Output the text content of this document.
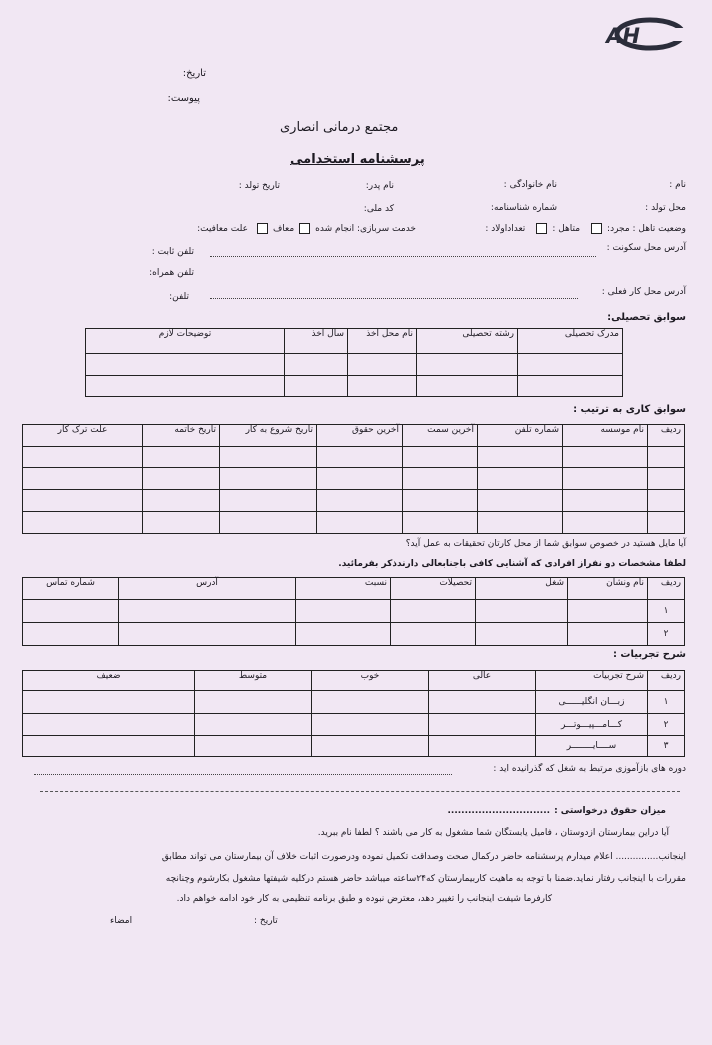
AH
تاریخ:
پیوست:
مجتمع درمانی انصاری
پرسشنامه استخدامی
نام :
نام خانوادگی :
نام پدر:
تاریخ تولد :
محل تولد :
شماره شناسنامه:
کد ملی:
وضعیت تاهل : مجرد:
متاهل :
تعداداولاد :
خدمت سربازی: انجام شده
معاف
علت معافیت:
آدرس محل سکونت :
تلفن ثابت :
تلفن همراه:
آدرس محل کار فعلی :
تلفن:
سوابق تحصیلی:
مدرک تحصیلی	رشته تحصیلی	نام محل اخذ	سال اخذ	توضیحات لازم

سوابق کاری به ترتیب :
ردیف	نام موسسه	شماره تلفن	آخرین سمت	آخرین حقوق	تاریخ شروع به کار	تاریخ خاتمه	علت ترک کار

آیا مایل هستید در خصوص سوابق شما از محل کارتان تحقیقات به عمل آید؟
لطفا مشخصات دو نفراز افرادی که آشنایی کافی باجنابعالی دارندذکر بفرمائید.
ردیف	نام ونشان	شغل	تحصیلات	نسبت	آدرس	شماره تماس
۱						
۲						
شرح تجربیات :
ردیف	شرح تجربیات	عالی	خوب	متوسط	ضعیف
۱	زبـــان انگلیــــــی				
۲	کـــامـــپیـــوتـــر				
۳	ســــایــــــــر				
دوره های بازآموزی مرتبط به شغل که گذرانیده اید :
میزان حقوق درخواستی :
..............................
آیا دراین بیمارستان ازدوستان ، فامیل یابستگان شما مشغول به کار می باشند ؟ لطفا نام ببرید.
اینجانب............... اعلام میدارم پرسشنامه حاضر درکمال صحت وصداقت تکمیل نموده ودرصورت اثبات خلاف آن بیمارستان می تواند مطابق
مقررات با اینجانب رفتار نماید.ضمنا با توجه به ماهیت کاربیمارستان که۲۴ساعته میباشد حاضر هستم درکلیه شیفتها مشغول بکارشوم وچنانچه
کارفرما شیفت اینجانب را تغییر دهد، معترض نبوده و طبق برنامه تنظیمی به کار خود ادامه خواهم داد.
تاریخ :
امضاء
